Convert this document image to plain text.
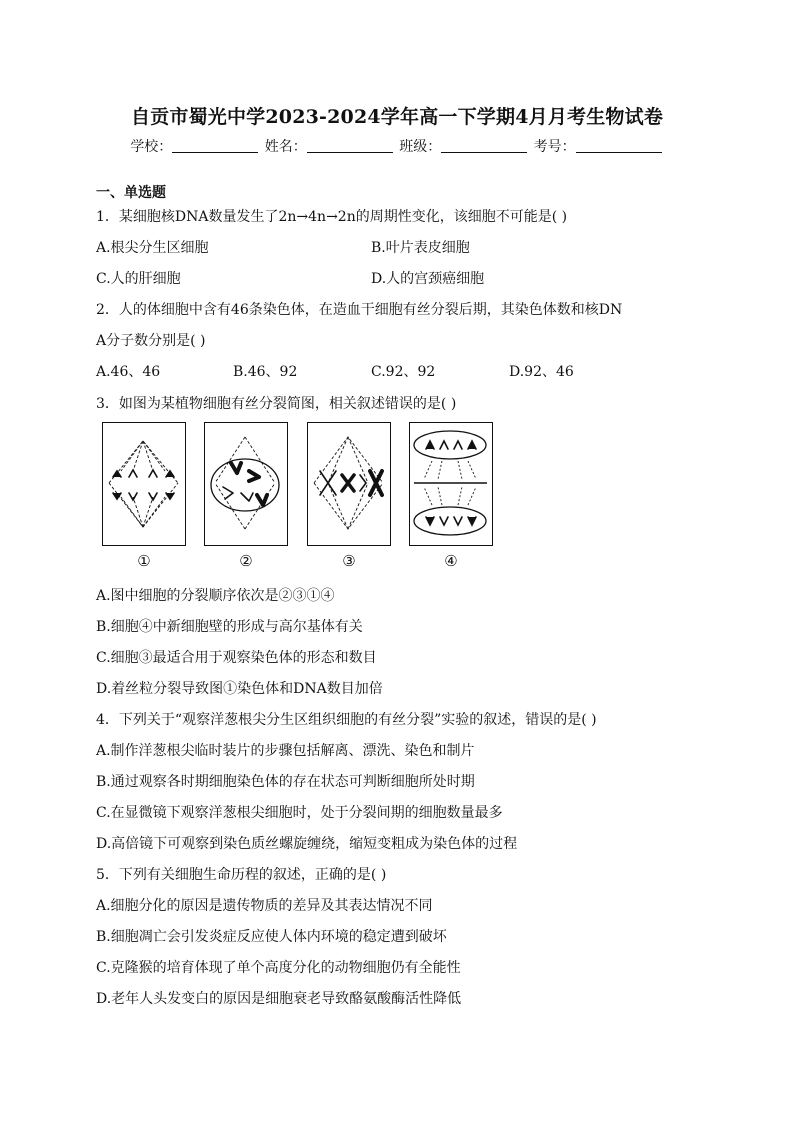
自贡市蜀光中学2023-2024学年高一下学期4月月考生物试卷
学校：	姓名：	班级：	考号：
一、单选题
1．某细胞核DNA数量发生了2n→4n→2n的周期性变化，该细胞不可能是( )
A.根尖分生区细胞	B.叶片表皮细胞
C.人的肝细胞	D.人的宫颈癌细胞
2．人的体细胞中含有46条染色体，在造血干细胞有丝分裂后期，其染色体数和核DN
A分子数分别是( )
A.46、46	B.46、92	C.92、92	D.92、46
3．如图为某植物细胞有丝分裂简图，相关叙述错误的是( )
①	②	③	④
A.图中细胞的分裂顺序依次是②③①④
B.细胞④中新细胞壁的形成与高尔基体有关
C.细胞③最适合用于观察染色体的形态和数目
D.着丝粒分裂导致图①染色体和DNA数目加倍
4．下列关于“观察洋葱根尖分生区组织细胞的有丝分裂”实验的叙述，错误的是( )
A.制作洋葱根尖临时装片的步骤包括解离、漂洗、染色和制片
B.通过观察各时期细胞染色体的存在状态可判断细胞所处时期
C.在显微镜下观察洋葱根尖细胞时，处于分裂间期的细胞数量最多
D.高倍镜下可观察到染色质丝螺旋缠绕，缩短变粗成为染色体的过程
5．下列有关细胞生命历程的叙述，正确的是( )
A.细胞分化的原因是遗传物质的差异及其表达情况不同
B.细胞凋亡会引发炎症反应使人体内环境的稳定遭到破坏
C.克隆猴的培育体现了单个高度分化的动物细胞仍有全能性
D.老年人头发变白的原因是细胞衰老导致酪氨酸酶活性降低
